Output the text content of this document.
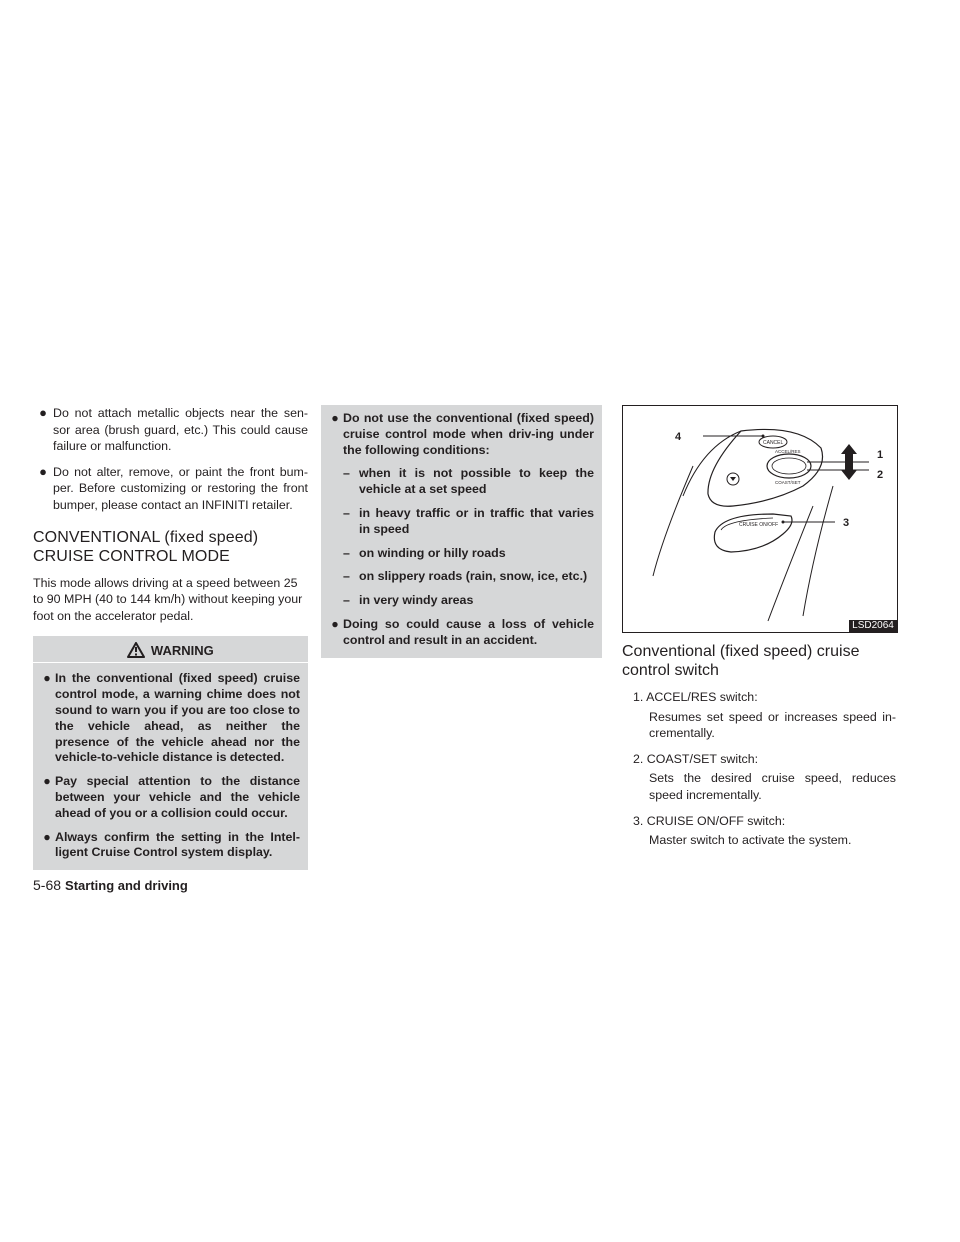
● Do not attach metallic objects near the sen-sor area (brush guard, etc.) This could cause failure or malfunction.
● Do not alter, remove, or paint the front bum-per. Before customizing or restoring the front bumper, please contact an INFINITI retailer.
CONVENTIONAL (fixed speed)
CRUISE CONTROL MODE

This mode allows driving at a speed between 25 to 90 MPH (40 to 144 km/h) without keeping your foot on the accelerator pedal.

WARNING
● In the conventional (fixed speed) cruise control mode, a warning chime does not sound to warn you if you are too close to the vehicle ahead, as neither the presence of the vehicle ahead nor the vehicle-to-vehicle distance is detected.
● Pay special attention to the distance between your vehicle and the vehicle ahead of you or a collision could occur.
● Always confirm the setting in the Intel-ligent Cruise Control system display.
● Do not use the conventional (fixed speed) cruise control mode when driv-ing under the following conditions:
– when it is not possible to keep the vehicle at a set speed
– in heavy traffic or in traffic that varies in speed
– on winding or hilly roads
– on slippery roads (rain, snow, ice, etc.)
– in very windy areas
● Doing so could cause a loss of vehicle control and result in an accident.
4
1
2
3
CANCEL
ACCEL/RES
COAST/SET
CRUISE ON/OFF
LSD2064
Conventional (fixed speed) cruise
control switch
1. ACCEL/RES switch:
Resumes set speed or increases speed in-crementally.
2. COAST/SET switch:
Sets the desired cruise speed, reduces speed incrementally.
3. CRUISE ON/OFF switch:
Master switch to activate the system.
5-68 Starting and driving
